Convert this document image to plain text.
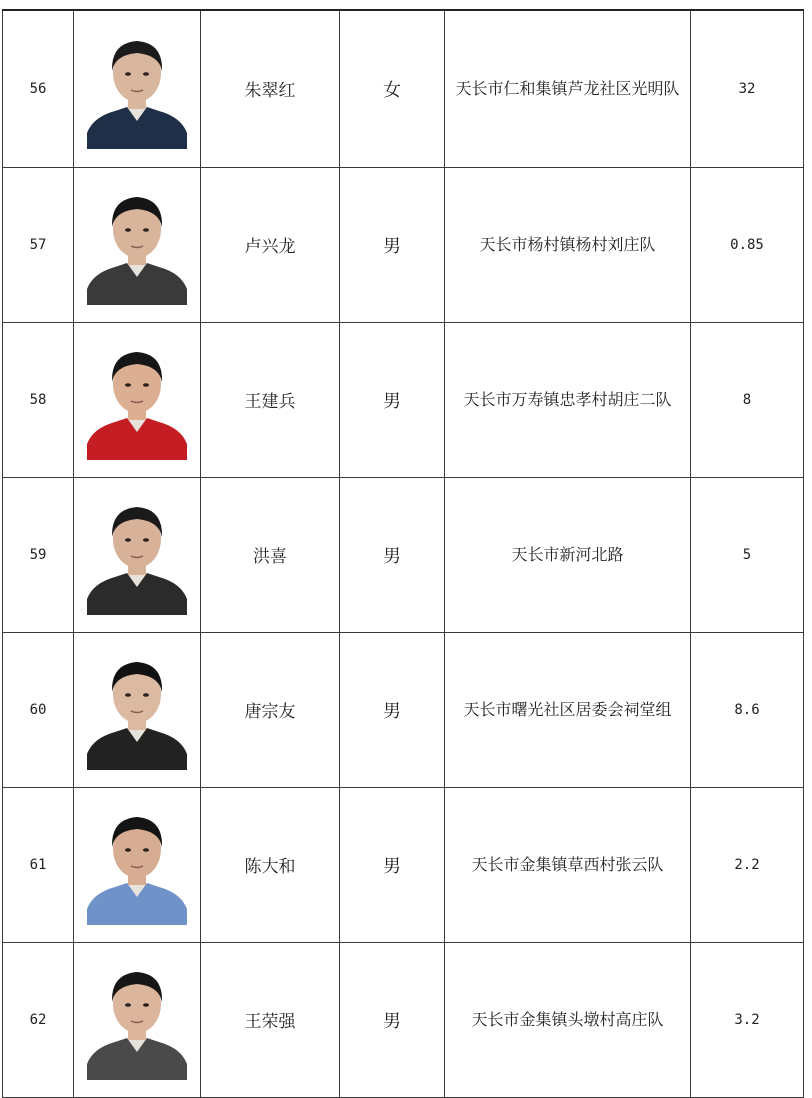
56		朱翠红	女	天长市仁和集镇芦龙社区光明队	32
57		卢兴龙	男	天长市杨村镇杨村刘庄队	0.85
58		王建兵	男	天长市万寿镇忠孝村胡庄二队	8
59		洪喜	男	天长市新河北路	5
60		唐宗友	男	天长市曙光社区居委会祠堂组	8.6
61		陈大和	男	天长市金集镇草西村张云队	2.2
62		王荣强	男	天长市金集镇头墩村高庄队	3.2
